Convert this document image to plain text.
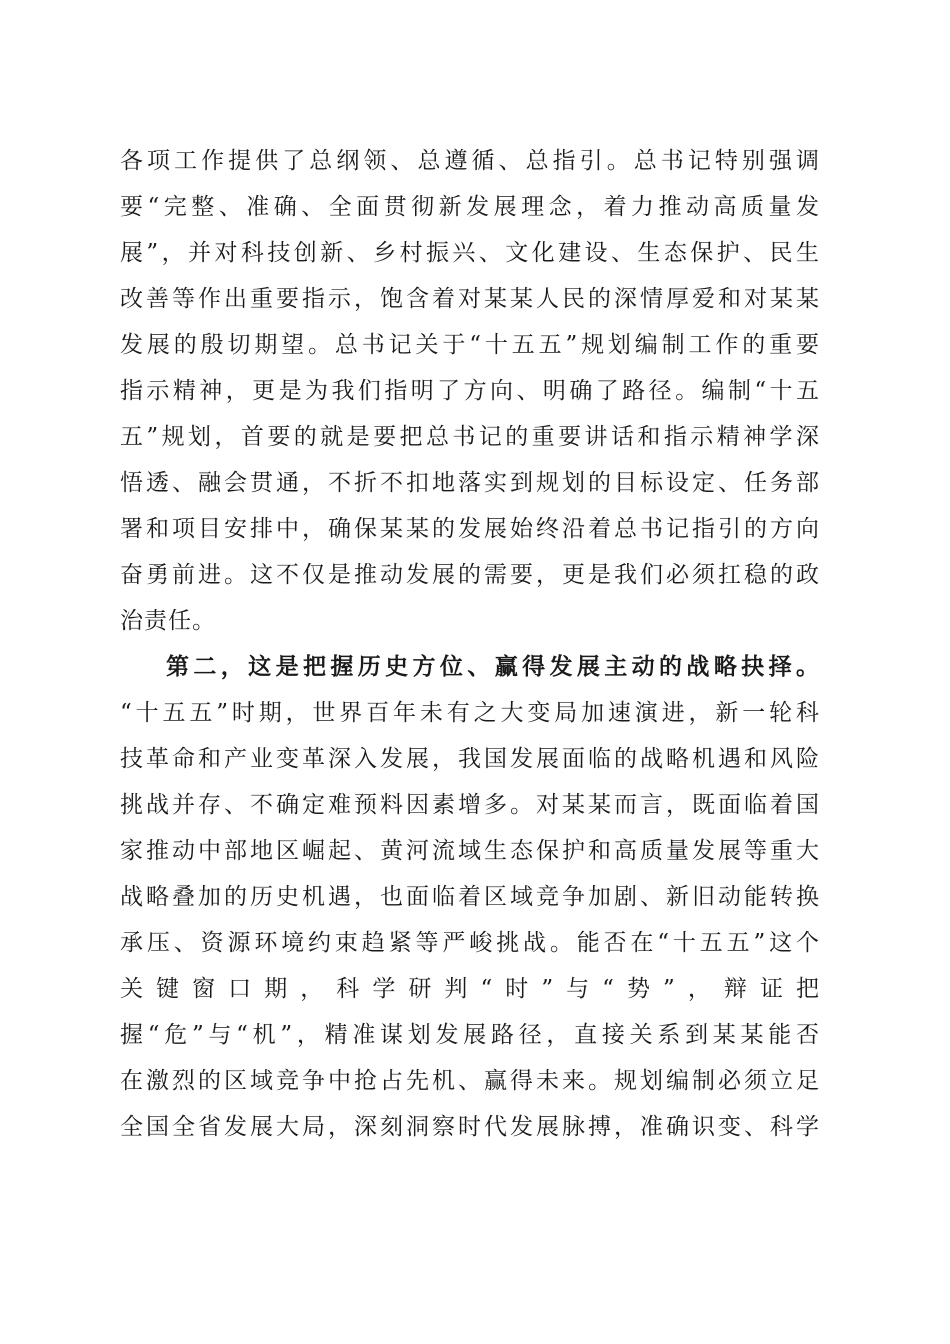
各项工作提供了总纲领、总遵循、总指引。总书记特别强调
要“完整、准确、全面贯彻新发展理念，着力推动高质量发
展”，并对科技创新、乡村振兴、文化建设、生态保护、民生
改善等作出重要指示，饱含着对某某人民的深情厚爱和对某某
发展的殷切期望。总书记关于“十五五”规划编制工作的重要
指示精神，更是为我们指明了方向、明确了路径。编制“十五
五”规划，首要的就是要把总书记的重要讲话和指示精神学深
悟透、融会贯通，不折不扣地落实到规划的目标设定、任务部
署和项目安排中，确保某某的发展始终沿着总书记指引的方向
奋勇前进。这不仅是推动发展的需要，更是我们必须扛稳的政
治责任。
第二，这是把握历史方位、赢得发展主动的战略抉择。
“十五五”时期，世界百年未有之大变局加速演进，新一轮科
技革命和产业变革深入发展，我国发展面临的战略机遇和风险
挑战并存、不确定难预料因素增多。对某某而言，既面临着国
家推动中部地区崛起、黄河流域生态保护和高质量发展等重大
战略叠加的历史机遇，也面临着区域竞争加剧、新旧动能转换
承压、资源环境约束趋紧等严峻挑战。能否在“十五五”这个
关键窗口期，科学研判“时”与“势”，辩证把
握“危”与“机”，精准谋划发展路径，直接关系到某某能否
在激烈的区域竞争中抢占先机、赢得未来。规划编制必须立足
全国全省发展大局，深刻洞察时代发展脉搏，准确识变、科学
